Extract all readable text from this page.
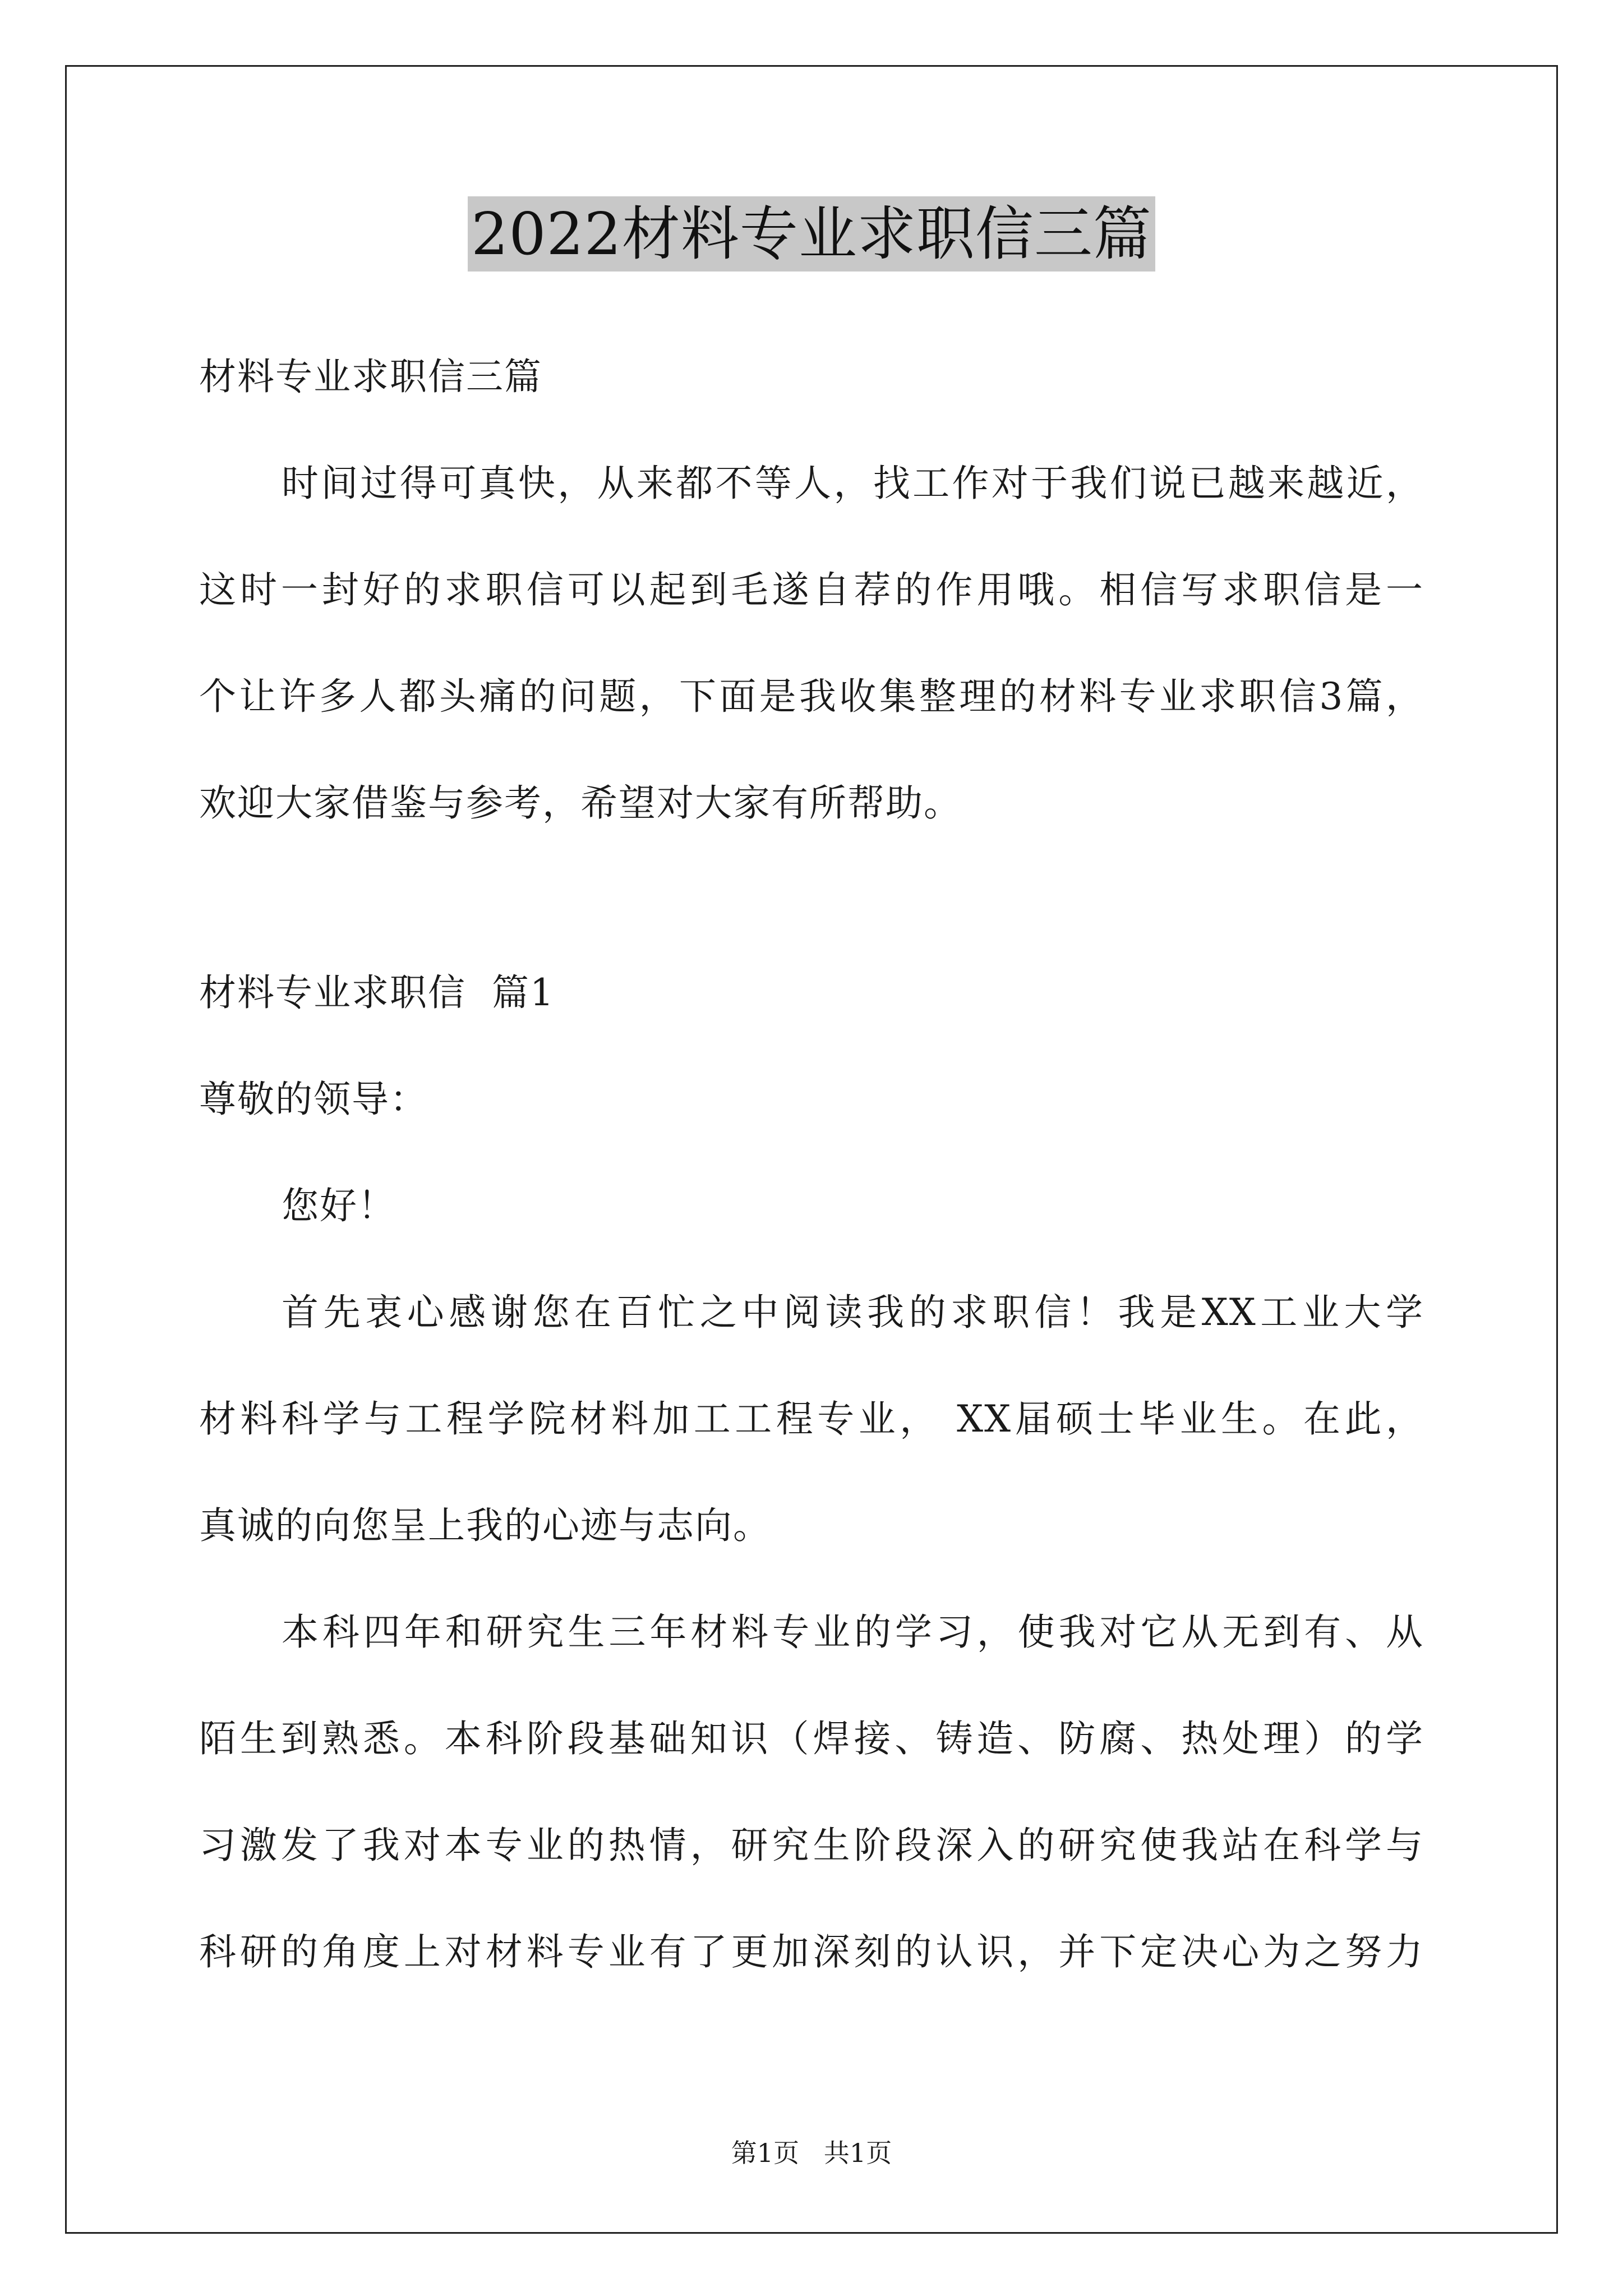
2022材料专业求职信三篇
材料专业求职信三篇
时间过得可真快，从来都不等人，找工作对于我们说已越来越近，
这时一封好的求职信可以起到毛遂自荐的作用哦。相信写求职信是一
个让许多人都头痛的问题，下面是我收集整理的材料专业求职信3篇，
欢迎大家借鉴与参考，希望对大家有所帮助。
材料专业求职信  篇1
尊敬的领导：
您好！
首先衷心感谢您在百忙之中阅读我的求职信！我是XX工业大学
材料科学与工程学院材料加工工程专业， XX届硕士毕业生。在此，
真诚的向您呈上我的心迹与志向。
本科四年和研究生三年材料专业的学习，使我对它从无到有、从
陌生到熟悉。本科阶段基础知识（焊接、铸造、防腐、热处理）的学
习激发了我对本专业的热情，研究生阶段深入的研究使我站在科学与
科研的角度上对材料专业有了更加深刻的认识，并下定决心为之努力
第1页   共1页
